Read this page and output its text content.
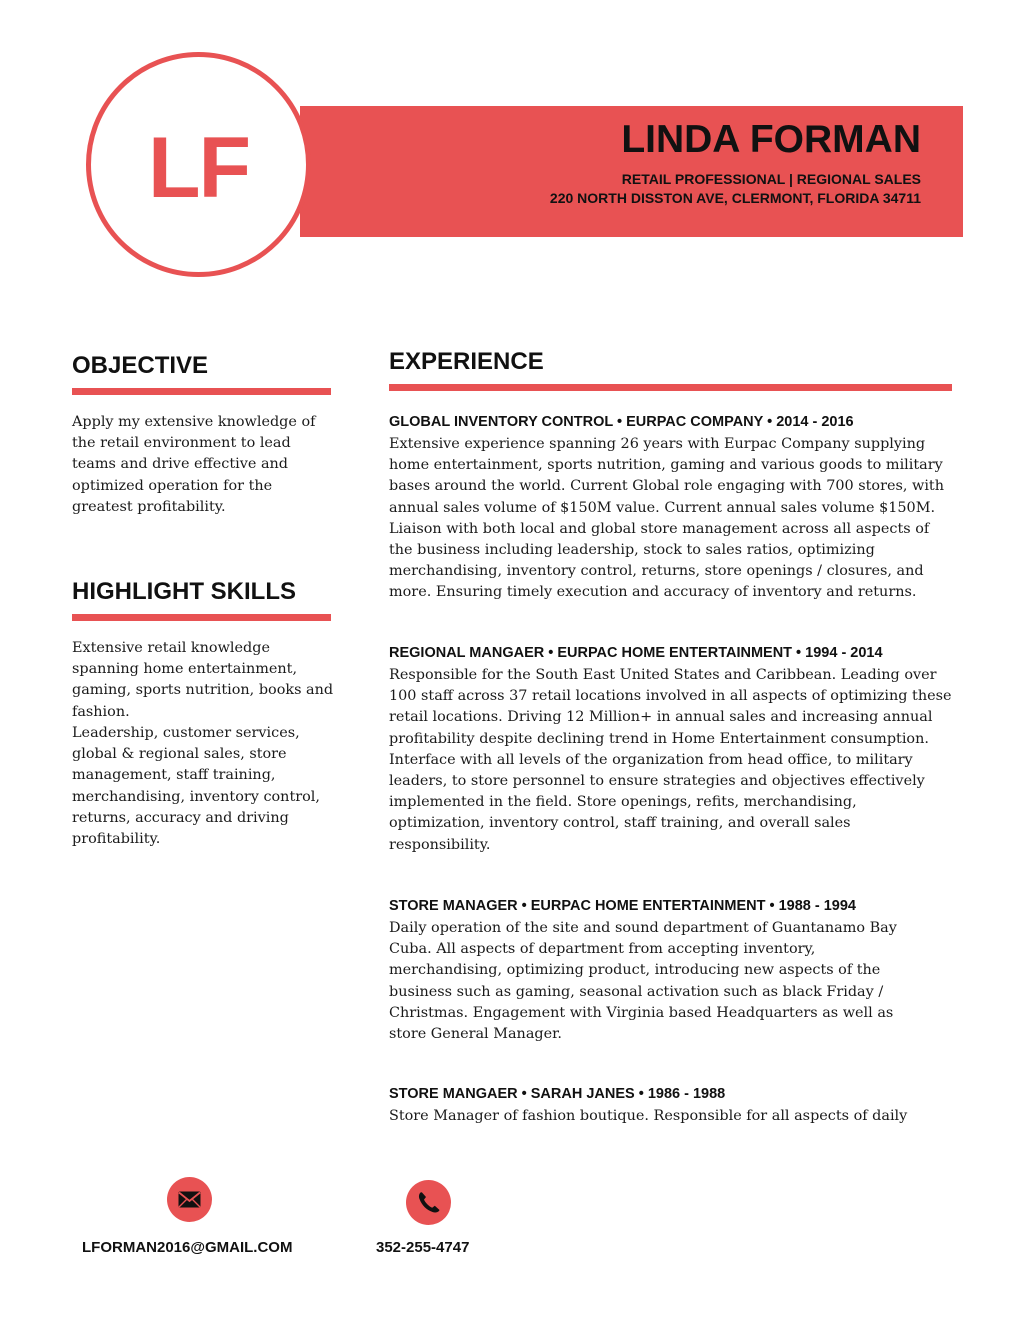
LF	LINDA FORMAN
RETAIL PROFESSIONAL | REGIONAL SALES
220 NORTH DISSTON AVE, CLERMONT, FLORIDA 34711
OBJECTIVE
Apply my extensive knowledge of the retail environment to lead teams and drive effective and optimized operation for the greatest profitability.
HIGHLIGHT SKILLS
Extensive retail knowledge spanning home entertainment, gaming, sports nutrition, books and fashion.
Leadership, customer services, global & regional sales, store management, staff training, merchandising, inventory control, returns, accuracy and driving profitability.
EXPERIENCE
GLOBAL INVENTORY CONTROL • EURPAC COMPANY • 2014 - 2016
Extensive experience spanning 26 years with Eurpac Company supplying home entertainment, sports nutrition, gaming and various goods to military bases around the world. Current Global role engaging with 700 stores, with annual sales volume of $150M value. Current annual sales volume $150M. Liaison with both local and global store management across all aspects of the business including leadership, stock to sales ratios, optimizing merchandising, inventory control, returns, store openings / closures, and more. Ensuring timely execution and accuracy of inventory and returns.
REGIONAL MANGAER • EURPAC HOME ENTERTAINMENT • 1994 - 2014
Responsible for the South East United States and Caribbean. Leading over 100 staff across 37 retail locations involved in all aspects of optimizing these retail locations. Driving 12 Million+ in annual sales and increasing annual profitability despite declining trend in Home Entertainment consumption. Interface with all levels of the organization from head office, to military leaders, to store personnel to ensure strategies and objectives effectively implemented in the field. Store openings, refits, merchandising, optimization, inventory control, staff training, and overall sales responsibility.
STORE MANAGER • EURPAC HOME ENTERTAINMENT • 1988 - 1994
Daily operation of the site and sound department of Guantanamo Bay Cuba. All aspects of department from accepting inventory, merchandising, optimizing product, introducing new aspects of the business such as gaming, seasonal activation such as black Friday / Christmas. Engagement with Virginia based Headquarters as well as store General Manager.
STORE MANGAER • SARAH JANES • 1986 - 1988
Store Manager of fashion boutique. Responsible for all aspects of daily
LFORMAN2016@GMAIL.COM	352-255-4747
